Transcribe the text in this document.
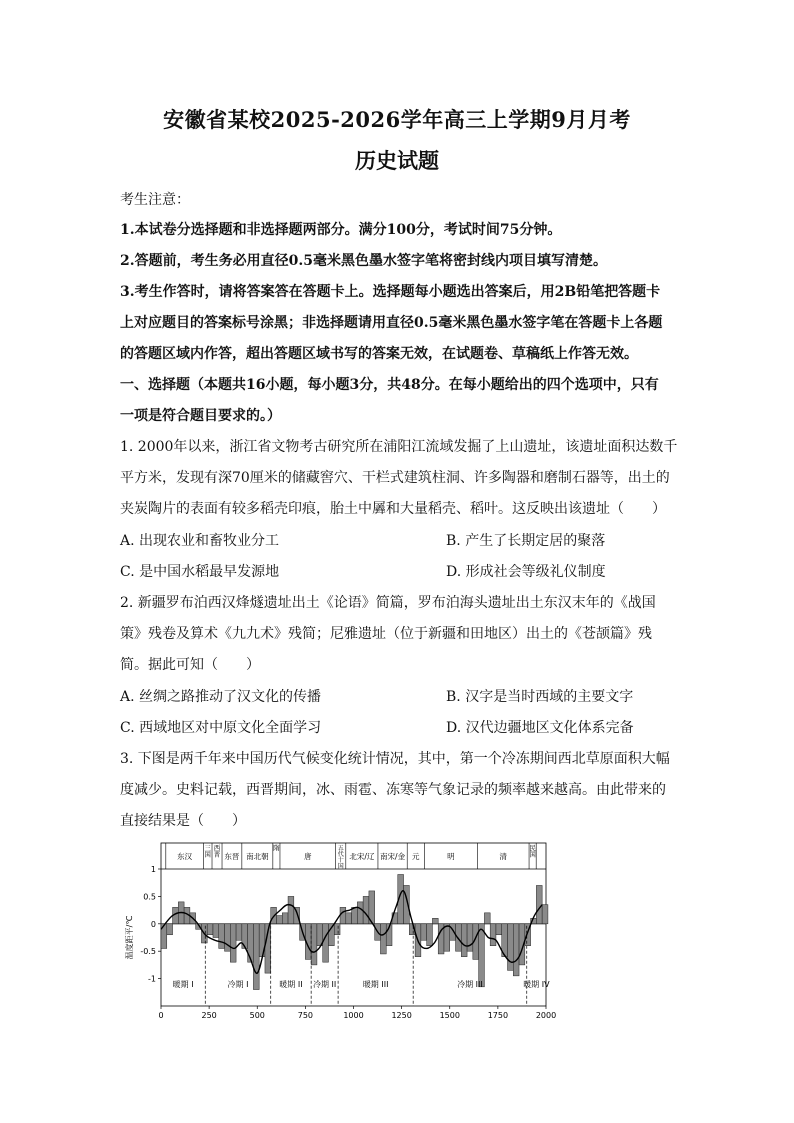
安徽省某校2025-2026学年高三上学期9月月考
历史试题
考生注意：
1.本试卷分选择题和非选择题两部分。满分100分，考试时间75分钟。
2.答题前，考生务必用直径0.5毫米黑色墨水签字笔将密封线内项目填写清楚。
3.考生作答时，请将答案答在答题卡上。选择题每小题选出答案后，用2B铅笔把答题卡
上对应题目的答案标号涂黑；非选择题请用直径0.5毫米黑色墨水签字笔在答题卡上各题
的答题区域内作答，超出答题区域书写的答案无效，在试题卷、草稿纸上作答无效。
一、选择题（本题共16小题，每小题3分，共48分。在每小题给出的四个选项中，只有
一项是符合题目要求的。）
1. 2000年以来，浙江省文物考古研究所在浦阳江流域发掘了上山遗址，该遗址面积达数千
平方米，发现有深70厘米的储藏窖穴、干栏式建筑柱洞、许多陶器和磨制石器等，出土的
夹炭陶片的表面有较多稻壳印痕，胎土中羼和大量稻壳、稻叶。这反映出该遗址（　　）
A. 出现农业和畜牧业分工	B. 产生了长期定居的聚落
C. 是中国水稻最早发源地	D. 形成社会等级礼仪制度
2. 新疆罗布泊西汉烽燧遗址出土《论语》简篇，罗布泊海头遗址出土东汉末年的《战国
策》残卷及算术《九九术》残简；尼雅遗址（位于新疆和田地区）出土的《苍颉篇》残
简。据此可知（　　）
A. 丝绸之路推动了汉文化的传播	B. 汉字是当时西域的主要文字
C. 西域地区对中原文化全面学习	D. 汉代边疆地区文化体系完备
3. 下图是两千年来中国历代气候变化统计情况，其中，第一个冷冻期间西北草原面积大幅
度减少。史料记载，西晋期间，冰、雨雹、冻寒等气象记录的频率越来越高。由此带来的
直接结果是（　　）
东汉
三
国
西
晋 东晋 南北朝
隋
唐
五
代
十
国
北宋/辽 南宋/金 元	明	清
民
国
暖期 I	冷期 I	暖期 II 冷期 II	暖期 III	冷期 III	暖期 IV
1
0.5
0
-0.5
-1
0	250	500	750	1000	1250	1500	1750	2000
温度距平/℃
